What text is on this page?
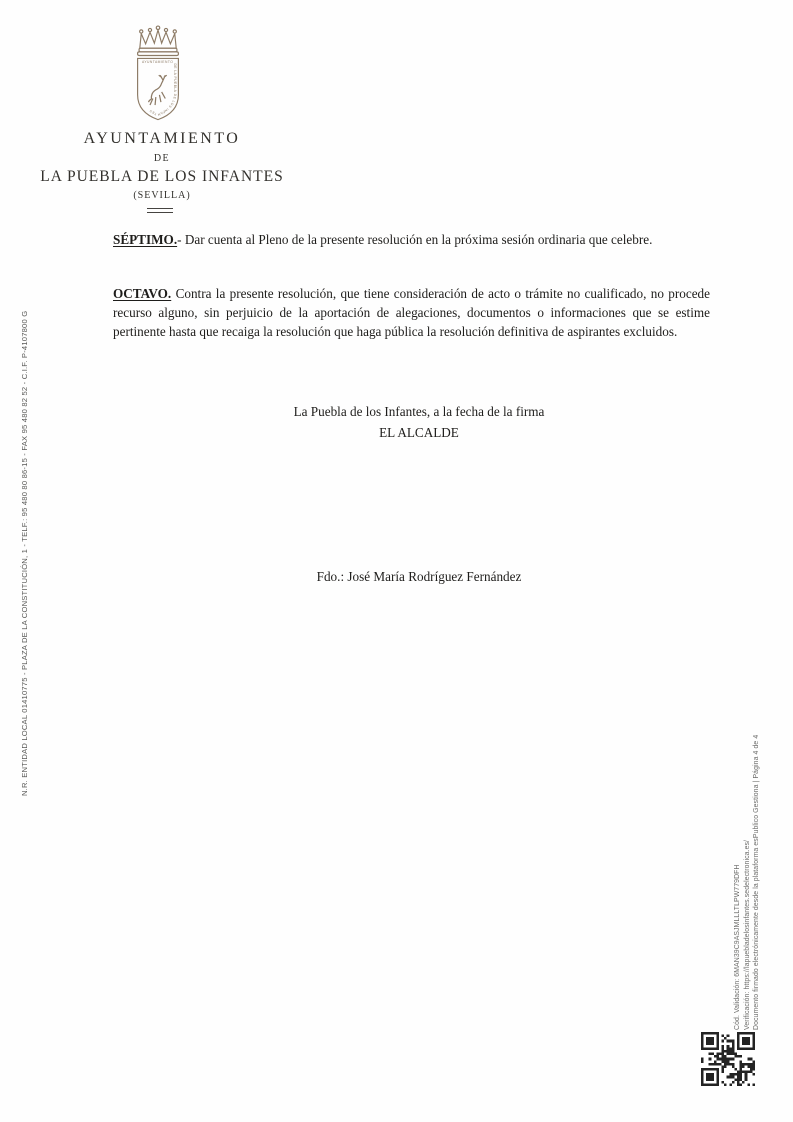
AYUNTAMIENTO DE LA PUEBLA DE LOS INFANTES
AYUNTAMIENTO
DE
LA PUEBLA DE LOS INFANTES
(SEVILLA)

SÉPTIMO.- Dar cuenta al Pleno de la presente resolución en la próxima sesión ordinaria que celebre.

OCTAVO. Contra la presente resolución, que tiene consideración de acto o trámite no cualificado, no procede recurso alguno, sin perjuicio de la aportación de alegaciones, documentos o informaciones que se estime pertinente hasta que recaiga la resolución que haga pública la resolución definitiva de aspirantes excluidos.

La Puebla de los Infantes, a la fecha de la firma
EL ALCALDE
Fdo.: José María Rodríguez Fernández
N.R. ENTIDAD LOCAL 01410775 - PLAZA DE LA CONSTITUCIÓN, 1 - TELF.: 95 480 80 86-15 - FAX 95 480 82 52 - C.I.F. P-4107800 G
Cód. Validación: 6MAN39C9ASJMLLLTLPW779DFH Verificación: https://lapuebladelosinfantes.sedelectronica.es/ Documento firmado electrónicamente desde la plataforma esPublico Gestiona | Página 4 de 4
